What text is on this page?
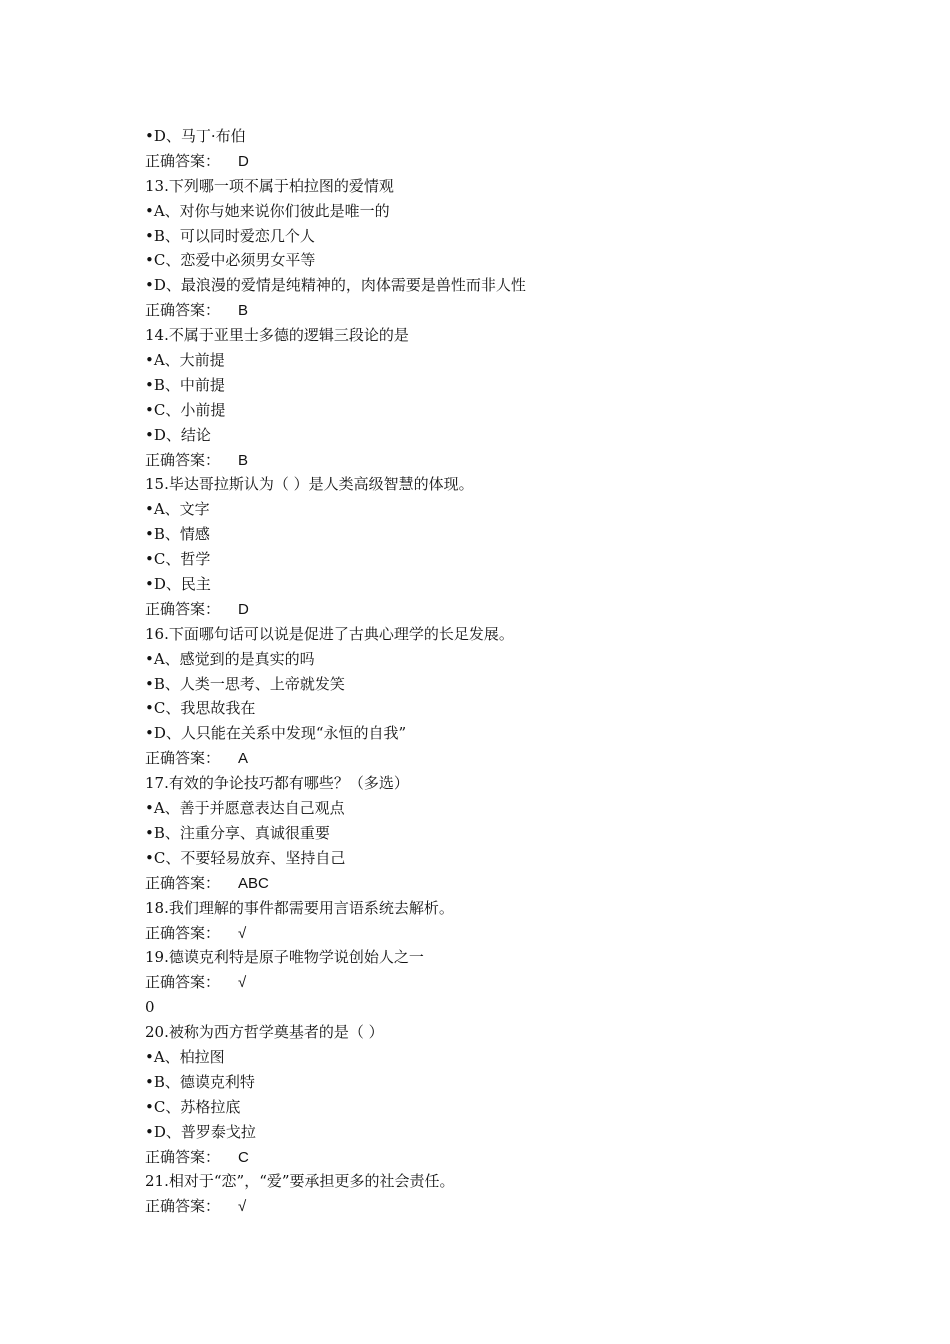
•D、马丁·布伯
正确答案： D
13.下列哪一项不属于柏拉图的爱情观
•A、对你与她来说你们彼此是唯一的
•B、可以同时爱恋几个人
•C、恋爱中必须男女平等
•D、最浪漫的爱情是纯精神的，肉体需要是兽性而非人性
正确答案： B
14.不属于亚里士多德的逻辑三段论的是
•A、大前提
•B、中前提
•C、小前提
•D、结论
正确答案： B
15.毕达哥拉斯认为（ ）是人类高级智慧的体现。
•A、文字
•B、情感
•C、哲学
•D、民主
正确答案： D
16.下面哪句话可以说是促进了古典心理学的长足发展。
•A、感觉到的是真实的吗
•B、人类一思考、上帝就发笑
•C、我思故我在
•D、人只能在关系中发现“永恒的自我”
正确答案： A
17.有效的争论技巧都有哪些？（多选）
•A、善于并愿意表达自己观点
•B、注重分享、真诚很重要
•C、不要轻易放弃、坚持自己
正确答案： ABC
18.我们理解的事件都需要用言语系统去解析。
正确答案： √
19.德谟克利特是原子唯物学说创始人之一
正确答案： √
0
20.被称为西方哲学奠基者的是（ ）
•A、柏拉图
•B、德谟克利特
•C、苏格拉底
•D、普罗泰戈拉
正确答案： C
21.相对于“恋”，“爱”要承担更多的社会责任。
正确答案： √
